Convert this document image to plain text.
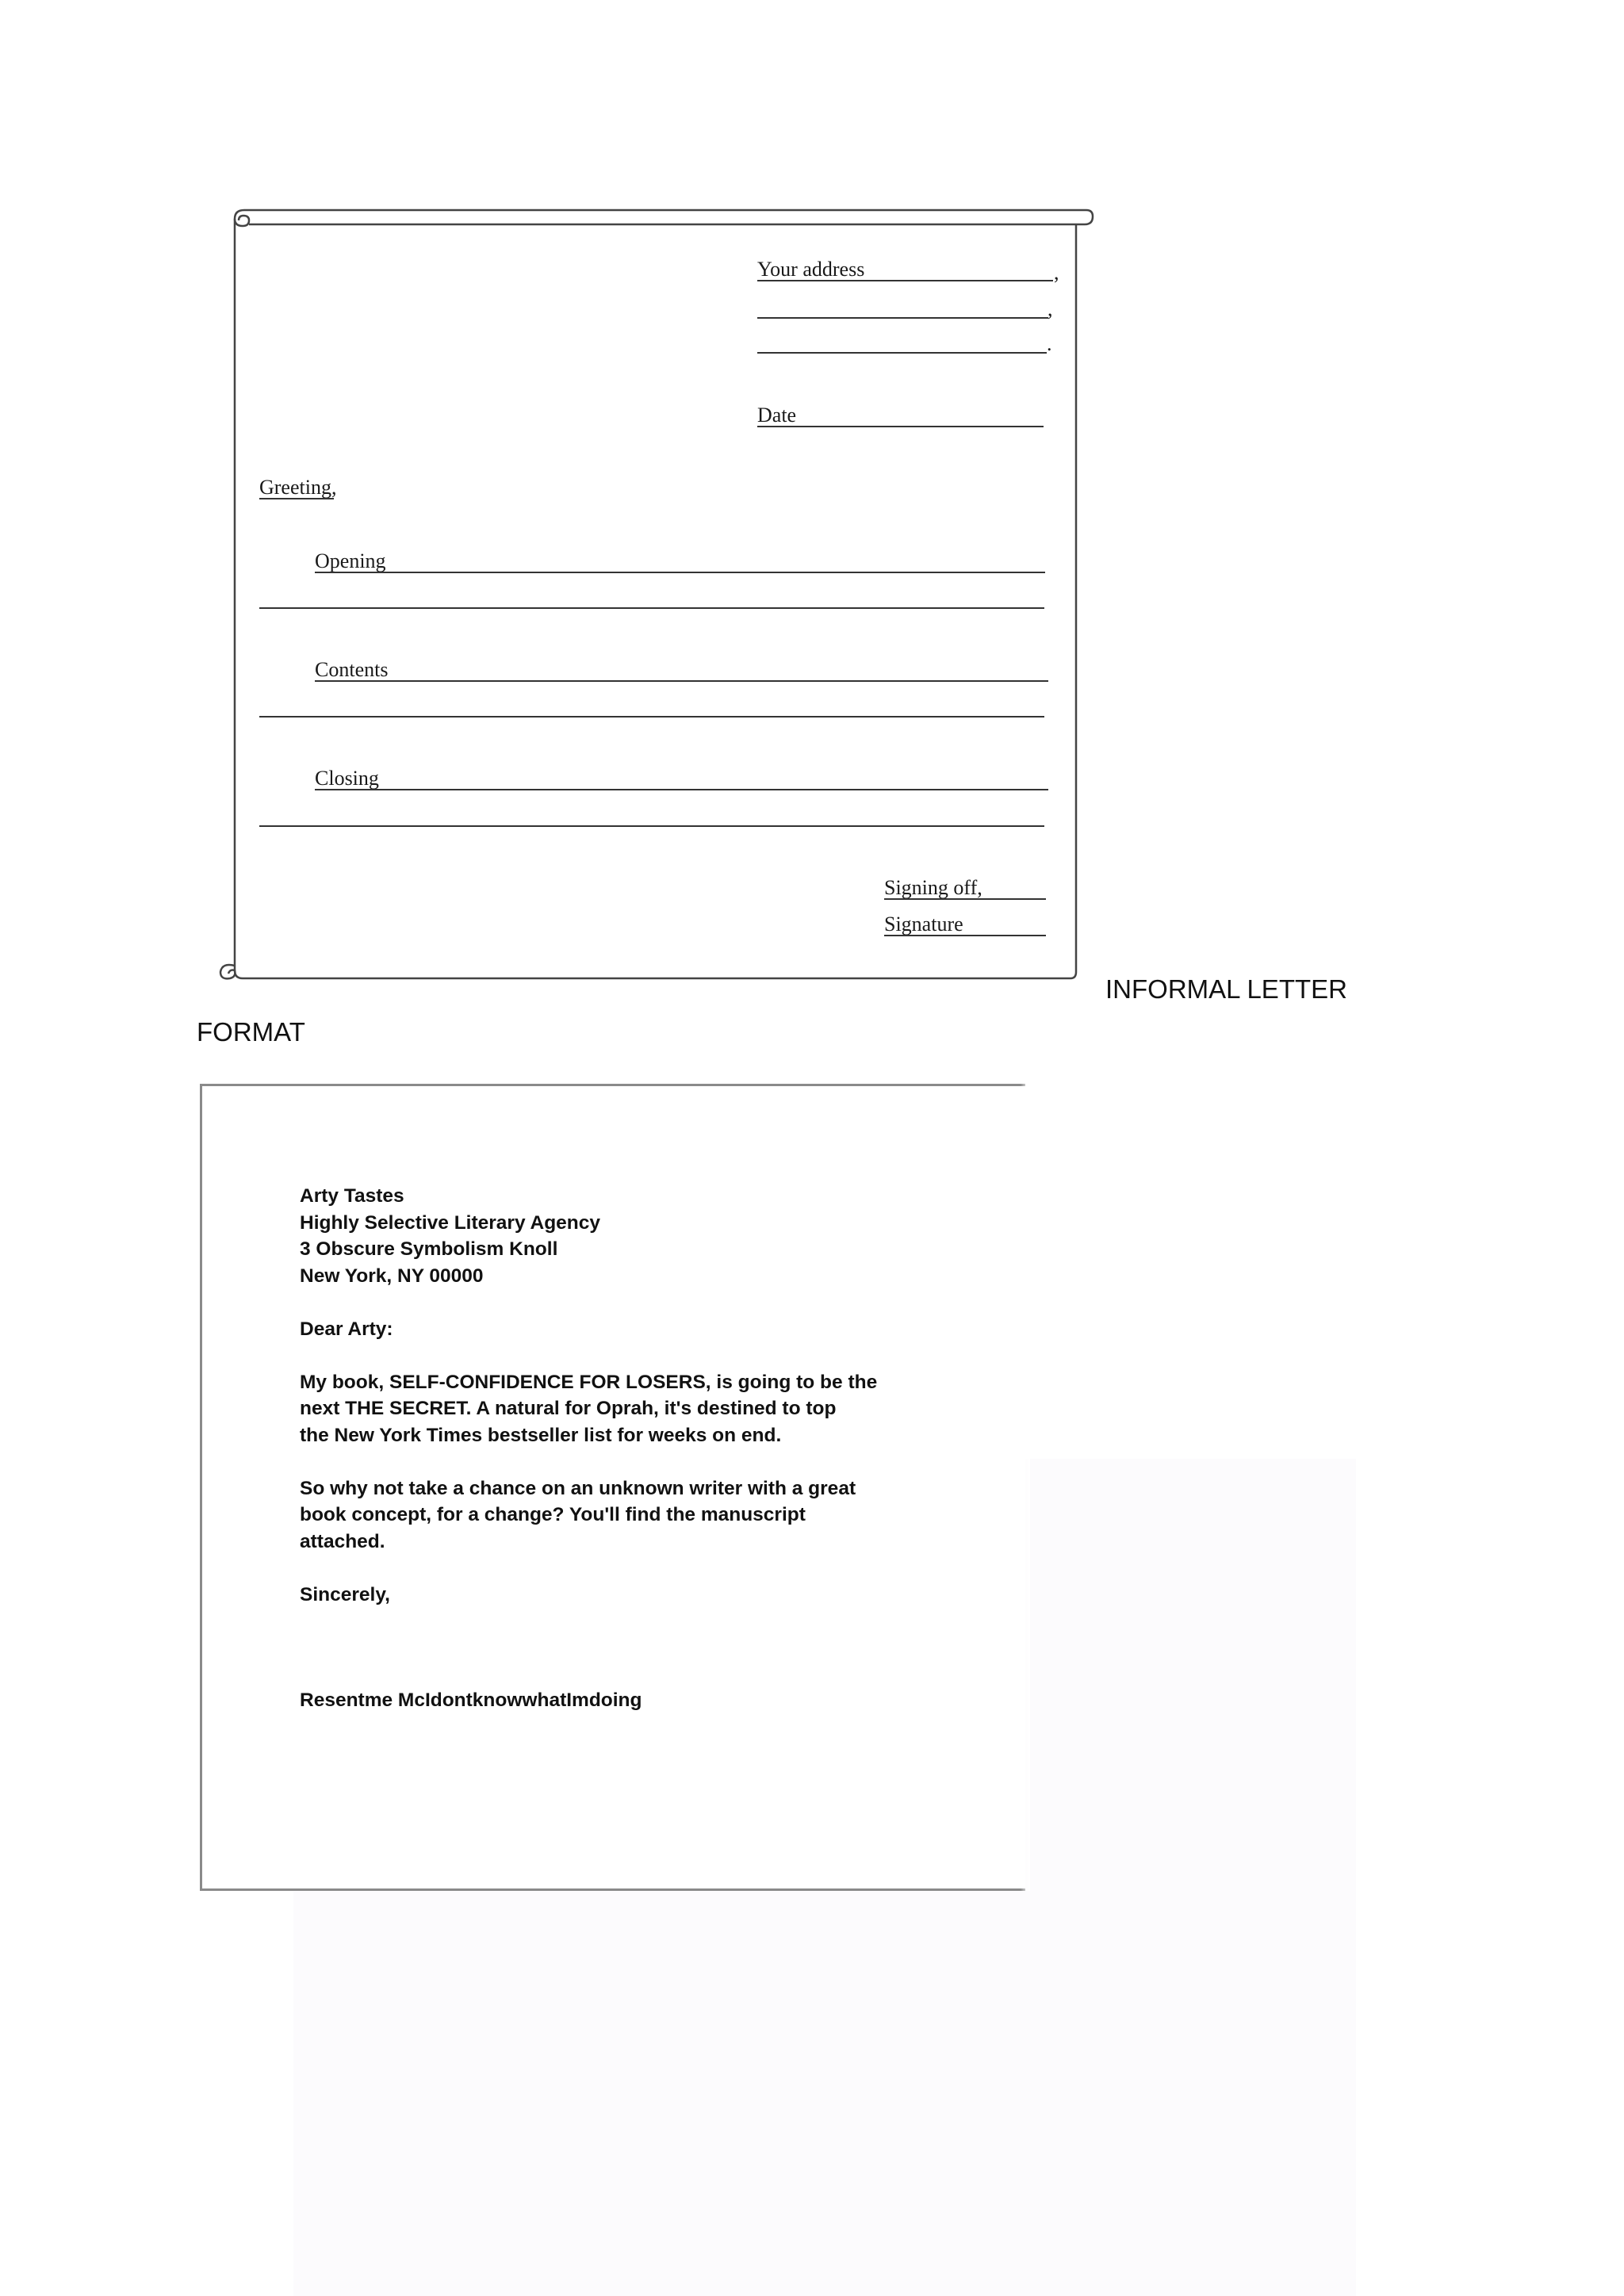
Your address	,
,
.
Date
Greeting,
Opening
Contents
Closing
Signing off,
Signature
INFORMAL LETTER
FORMAT
Arty Tastes
Highly Selective Literary Agency
3 Obscure Symbolism Knoll
New York, NY 00000
Dear Arty:
My book, SELF-CONFIDENCE FOR LOSERS, is going to be the
next THE SECRET. A natural for Oprah, it's destined to top
the New York Times bestseller list for weeks on end.
So why not take a chance on an unknown writer with a great
book concept, for a change? You'll find the manuscript
attached.
Sincerely,
Resentme McIdontknowwhatImdoing
